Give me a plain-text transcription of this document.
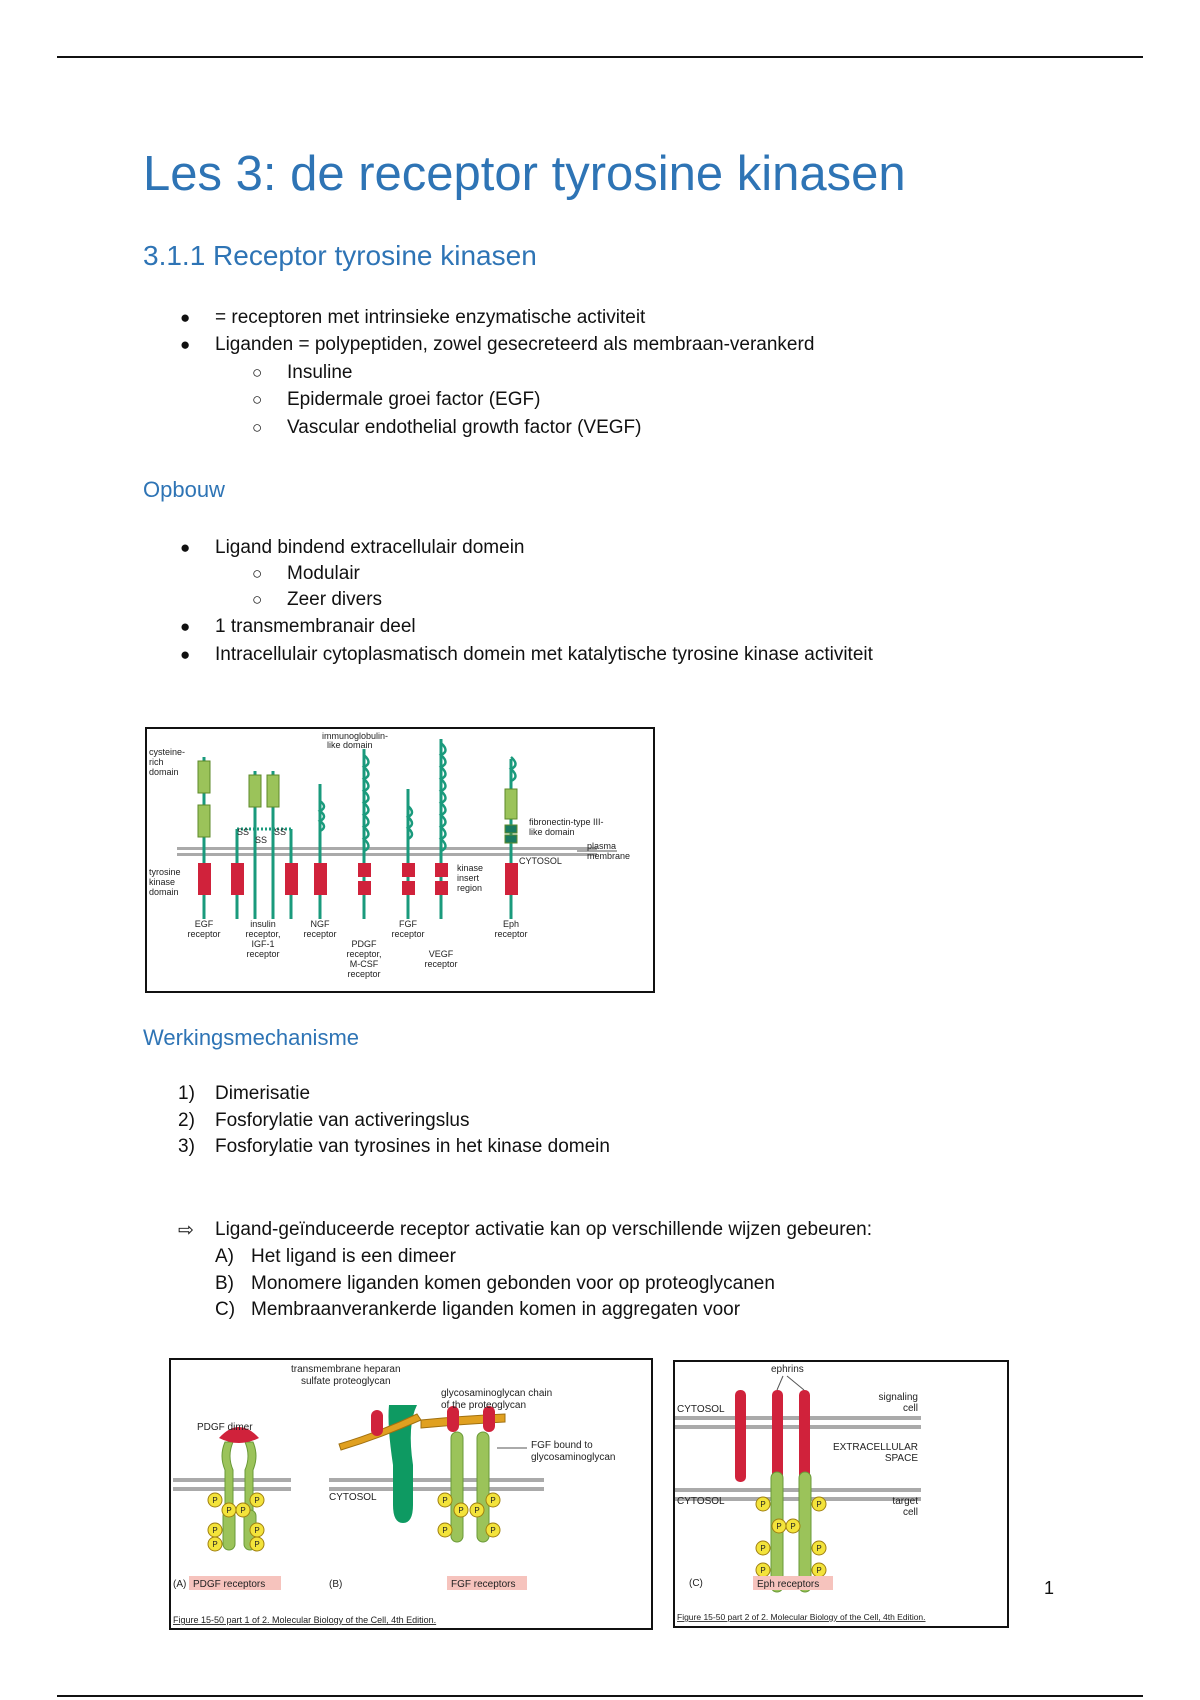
Les 3: de receptor tyrosine kinasen
3.1.1 Receptor tyrosine kinasen
● = receptoren met intrinsieke enzymatische activiteit
● Liganden = polypeptiden, zowel gesecreteerd als membraan-verankerd
○ Insuline
○ Epidermale groei factor (EGF)
○ Vascular endothelial growth factor (VEGF)
Opbouw
● Ligand bindend extracellulair domein
○ Modulair
○ Zeer divers
● 1 transmembranair deel
● Intracellulair cytoplasmatisch domein met katalytische tyrosine kinase activiteit
cysteine-
rich
domain
immunoglobulin-
like domain
fibronectin-type III-
like domain
plasma
membrane
CYTOSOL
tyrosine
kinase
domain
kinase
insert
region
SS
SS
SS
EGF
receptor
insulin
receptor,
IGF-1
receptor
NGF
receptor
PDGF
receptor,
M-CSF
receptor
FGF
receptor
VEGF
receptor
Eph
receptor
Werkingsmechanisme
1) Dimerisatie
2) Fosforylatie van activeringslus
3) Fosforylatie van tyrosines in het kinase domein
⇨ Ligand-geïnduceerde receptor activatie kan op verschillende wijzen gebeuren:
A) Het ligand is een dimeer
B) Monomere liganden komen gebonden voor op proteoglycanen
C) Membraanverankerde liganden komen in aggregaten voor
P
P P
P
P	P
P	P
P
P P
P
P	P
PDGF dimer
transmembrane heparan
sulfate proteoglycan
glycosaminoglycan chain
of the proteoglycan
FGF bound to
glycosaminoglycan
CYTOSOL
(A) PDGF receptors	(B)	FGF receptors
Figure 15-50 part 1 of 2. Molecular Biology of the Cell, 4th Edition.
P	P
P P
P	P
P	P
ephrins
CYTOSOL
CYTOSOL
signaling
cell
EXTRACELLULAR
SPACE
target
cell
(C)	Eph receptors
Figure 15-50 part 2 of 2. Molecular Biology of the Cell, 4th Edition.
1
